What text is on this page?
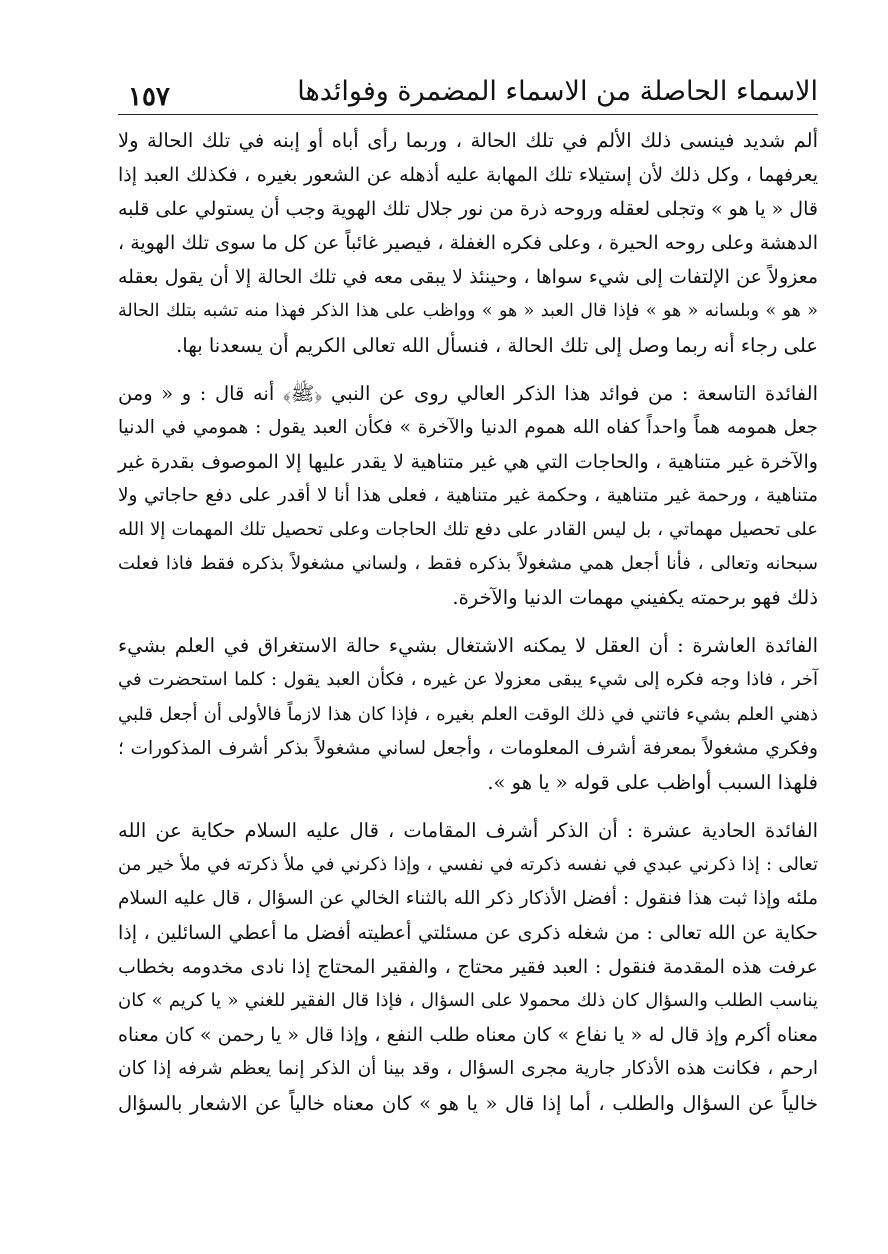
الاسماء الحاصلة من الاسماء المضمرة وفوائدها
١٥٧

ألم شديد فينسى ذلك الألم في تلك الحالة ، وربما رأى أباه أو إبنه في تلك الحالة ولا
يعرفهما ، وكل ذلك لأن إستيلاء تلك المهابة عليه أذهله عن الشعور بغيره ، فكذلك العبد إذا
قال « يا هو » وتجلى لعقله وروحه ذرة من نور جلال تلك الهوية وجب أن يستولي على قلبه
الدهشة وعلى روحه الحيرة ، وعلى فكره الغفلة ، فيصير غائباً عن كل ما سوى تلك الهوية ،
معزولاً عن الإلتفات إلى شيء سواها ، وحينئذ لا يبقى معه في تلك الحالة إلا أن يقول بعقله
« هو » وبلسانه « هو » فإذا قال العبد « هو » وواظب على هذا الذكر فهذا منه تشبه بتلك الحالة
على رجاء أنه ربما وصل إلى تلك الحالة ، فنسأل الله تعالى الكريم أن يسعدنا بها.

الفائدة التاسعة : من فوائد هذا الذكر العالي روى عن النبي ﴿ﷺ﴾ أنه قال : و « ومن
جعل همومه هماً واحداً كفاه الله هموم الدنيا والآخرة » فكأن العبد يقول : همومي في الدنيا
والآخرة غير متناهية ، والحاجات التي هي غير متناهية لا يقدر عليها إلا الموصوف بقدرة غير
متناهية ، ورحمة غير متناهية ، وحكمة غير متناهية ، فعلى هذا أنا لا أقدر على دفع حاجاتي ولا
على تحصيل مهماتي ، بل ليس القادر على دفع تلك الحاجات وعلى تحصيل تلك المهمات إلا الله
سبحانه وتعالى ، فأنا أجعل همي مشغولاً بذكره فقط ، ولساني مشغولاً بذكره فقط فاذا فعلت
ذلك فهو برحمته يكفيني مهمات الدنيا والآخرة.

الفائدة العاشرة : أن العقل لا يمكنه الاشتغال بشيء حالة الاستغراق في العلم بشيء
آخر ، فاذا وجه فكره إلى شيء يبقى معزولا عن غيره ، فكأن العبد يقول : كلما استحضرت في
ذهني العلم بشيء فاتني في ذلك الوقت العلم بغيره ، فإذا كان هذا لازماً فالأولى أن أجعل قلبي
وفكري مشغولاً بمعرفة أشرف المعلومات ، وأجعل لساني مشغولاً بذكر أشرف المذكورات ؛
فلهذا السبب أواظب على قوله « يا هو ».

الفائدة الحادية عشرة : أن الذكر أشرف المقامات ، قال عليه السلام حكاية عن الله
تعالى : إذا ذكرني عبدي في نفسه ذكرته في نفسي ، وإذا ذكرني في ملأ ذكرته في ملأ خير من
ملئه وإذا ثبت هذا فنقول : أفضل الأذكار ذكر الله بالثناء الخالي عن السؤال ، قال عليه السلام
حكاية عن الله تعالى : من شغله ذكرى عن مسئلتي أعطيته أفضل ما أعطي السائلين ، إذا
عرفت هذه المقدمة فنقول : العبد فقير محتاج ، والفقير المحتاج إذا نادى مخدومه بخطاب
يناسب الطلب والسؤال كان ذلك محمولا على السؤال ، فإذا قال الفقير للغني « يا كريم » كان
معناه أكرم وإذ قال له « يا نفاع » كان معناه طلب النفع ، وإذا قال « يا رحمن » كان معناه
ارحم ، فكانت هذه الأذكار جارية مجرى السؤال ، وقد بينا أن الذكر إنما يعظم شرفه إذا كان
خالياً عن السؤال والطلب ، أما إذا قال « يا هو » كان معناه خالياً عن الاشعار بالسؤال
